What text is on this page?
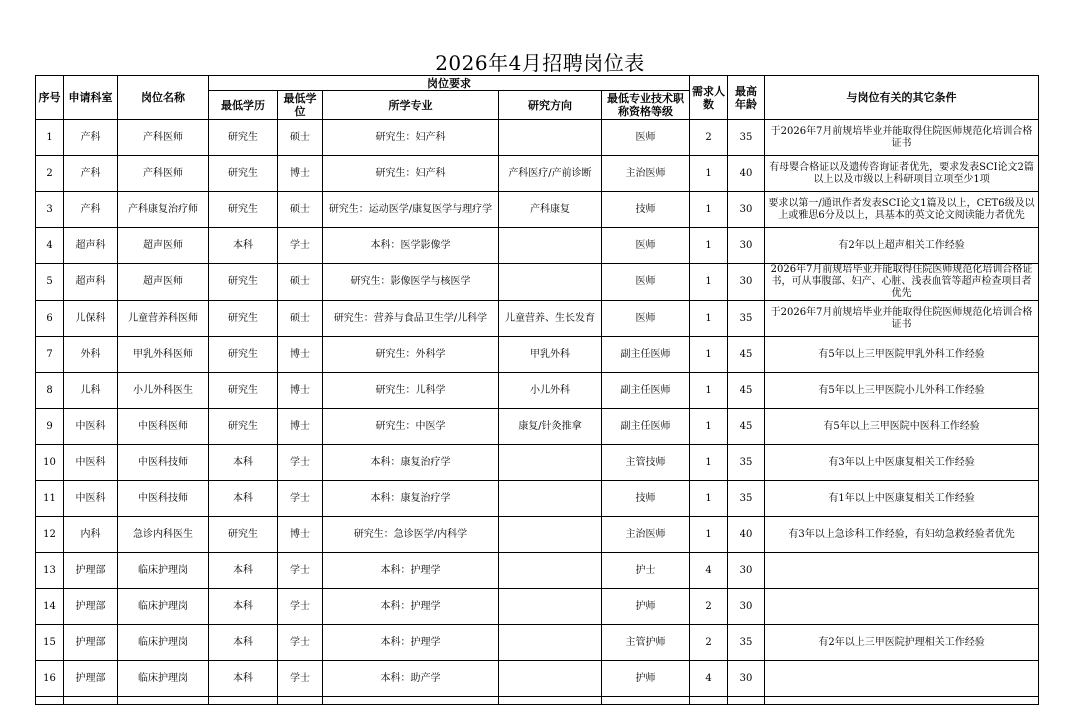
2026年4月招聘岗位表
序号	申请科室	岗位名称	岗位要求					需求人数	最高年龄	与岗位有关的其它条件
			最低学历	最低学位	所学专业	研究方向	最低专业技术职称资格等级			
1	产科	产科医师	研究生	硕士	研究生：妇产科		医师	2	35	于2026年7月前规培毕业并能取得住院医师规范化培训合格证书
2	产科	产科医师	研究生	博士	研究生：妇产科	产科医疗/产前诊断	主治医师	1	40	有母婴合格证以及遗传咨询证者优先，要求发表SCI论文2篇以上以及市级以上科研项目立项至少1项
3	产科	产科康复治疗师	研究生	硕士	研究生：运动医学/康复医学与理疗学	产科康复	技师	1	30	要求以第一/通讯作者发表SCI论文1篇及以上，CET6级及以上或雅思6分及以上，具基本的英文论文阅读能力者优先
4	超声科	超声医师	本科	学士	本科：医学影像学		医师	1	30	有2年以上超声相关工作经验
5	超声科	超声医师	研究生	硕士	研究生：影像医学与核医学		医师	1	30	2026年7月前规培毕业并能取得住院医师规范化培训合格证书，可从事腹部、妇产、心脏、浅表血管等超声检查项目者优先
6	儿保科	儿童营养科医师	研究生	硕士	研究生：营养与食品卫生学/儿科学	儿童营养、生长发育	医师	1	35	于2026年7月前规培毕业并能取得住院医师规范化培训合格证书
7	外科	甲乳外科医师	研究生	博士	研究生：外科学	甲乳外科	副主任医师	1	45	有5年以上三甲医院甲乳外科工作经验
8	儿科	小儿外科医生	研究生	博士	研究生：儿科学	小儿外科	副主任医师	1	45	有5年以上三甲医院小儿外科工作经验
9	中医科	中医科医师	研究生	博士	研究生：中医学	康复/针灸推拿	副主任医师	1	45	有5年以上三甲医院中医科工作经验
10	中医科	中医科技师	本科	学士	本科：康复治疗学		主管技师	1	35	有3年以上中医康复相关工作经验
11	中医科	中医科技师	本科	学士	本科：康复治疗学		技师	1	35	有1年以上中医康复相关工作经验
12	内科	急诊内科医生	研究生	博士	研究生：急诊医学/内科学		主治医师	1	40	有3年以上急诊科工作经验，有妇幼急救经验者优先
13	护理部	临床护理岗	本科	学士	本科：护理学		护士	4	30	
14	护理部	临床护理岗	本科	学士	本科：护理学		护师	2	30	
15	护理部	临床护理岗	本科	学士	本科：护理学		主管护师	2	35	有2年以上三甲医院护理相关工作经验
16	护理部	临床护理岗	本科	学士	本科：助产学		护师	4	30	
